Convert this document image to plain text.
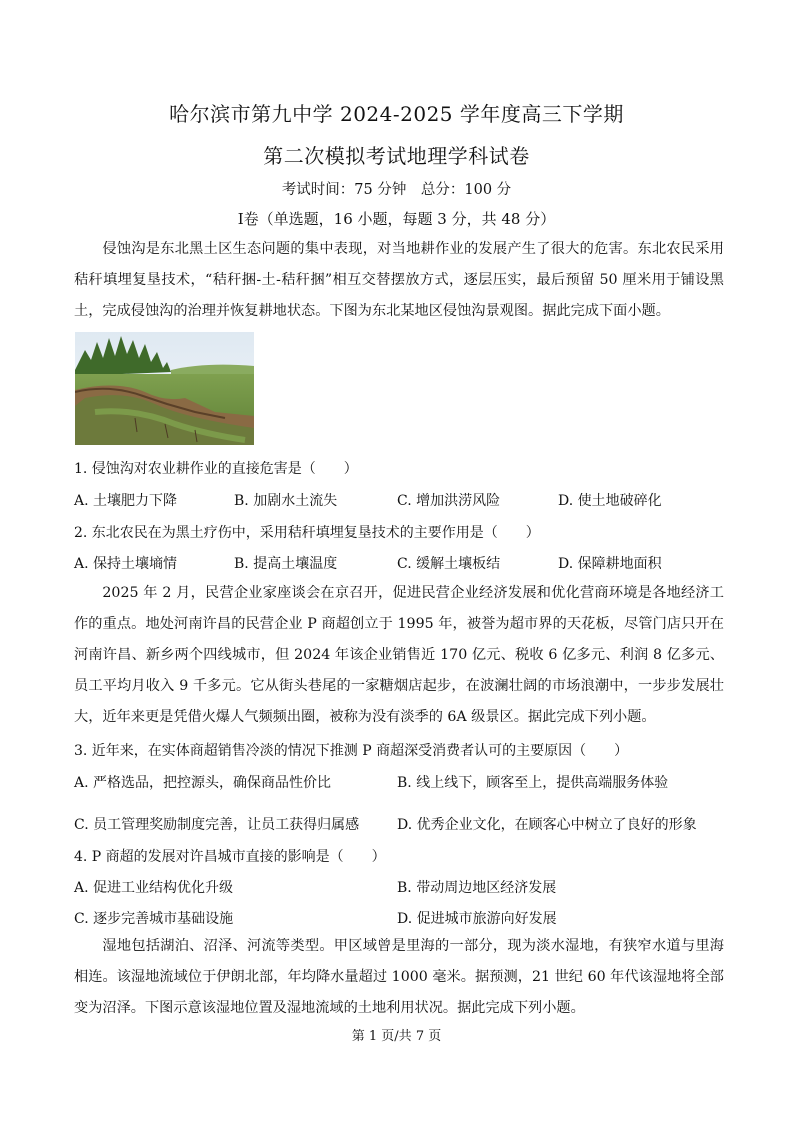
哈尔滨市第九中学 2024-2025 学年度高三下学期
第二次模拟考试地理学科试卷
考试时间：75 分钟　总分：100 分
Ⅰ卷（单选题，16 小题，每题 3 分，共 48 分）
侵蚀沟是东北黑土区生态问题的集中表现，对当地耕作业的发展产生了很大的危害。东北农民采用秸秆填埋复垦技术，“秸秆捆-土-秸秆捆”相互交替摆放方式，逐层压实，最后预留 50 厘米用于铺设黑土，完成侵蚀沟的治理并恢复耕地状态。下图为东北某地区侵蚀沟景观图。据此完成下面小题。
1. 侵蚀沟对农业耕作业的直接危害是（　　）
A. 土壤肥力下降	B. 加剧水土流失	C. 增加洪涝风险	D. 使土地破碎化
2. 东北农民在为黑土疗伤中，采用秸秆填埋复垦技术的主要作用是（　　）
A. 保持土壤墒情	B. 提高土壤温度	C. 缓解土壤板结	D. 保障耕地面积
2025 年 2 月，民营企业家座谈会在京召开，促进民营企业经济发展和优化营商环境是各地经济工作的重点。地处河南许昌的民营企业 P 商超创立于 1995 年，被誉为超市界的天花板，尽管门店只开在河南许昌、新乡两个四线城市，但 2024 年该企业销售近 170 亿元、税收 6 亿多元、利润 8 亿多元、员工平均月收入 9 千多元。它从街头巷尾的一家糖烟店起步，在波澜壮阔的市场浪潮中，一步步发展壮大，近年来更是凭借火爆人气频频出圈，被称为没有淡季的 6A 级景区。据此完成下列小题。
3. 近年来，在实体商超销售冷淡的情况下推测 P 商超深受消费者认可的主要原因（　　）
A. 严格选品，把控源头，确保商品性价比	B. 线上线下，顾客至上，提供高端服务体验
C. 员工管理奖励制度完善，让员工获得归属感	D. 优秀企业文化，在顾客心中树立了良好的形象
4. P 商超的发展对许昌城市直接的影响是（　　）
A. 促进工业结构优化升级	B. 带动周边地区经济发展
C. 逐步完善城市基础设施	D. 促进城市旅游向好发展
湿地包括湖泊、沼泽、河流等类型。甲区域曾是里海的一部分，现为淡水湿地，有狭窄水道与里海相连。该湿地流域位于伊朗北部，年均降水量超过 1000 毫米。据预测，21 世纪 60 年代该湿地将全部变为沼泽。下图示意该湿地位置及湿地流域的土地利用状况。据此完成下列小题。
第 1 页/共 7 页
